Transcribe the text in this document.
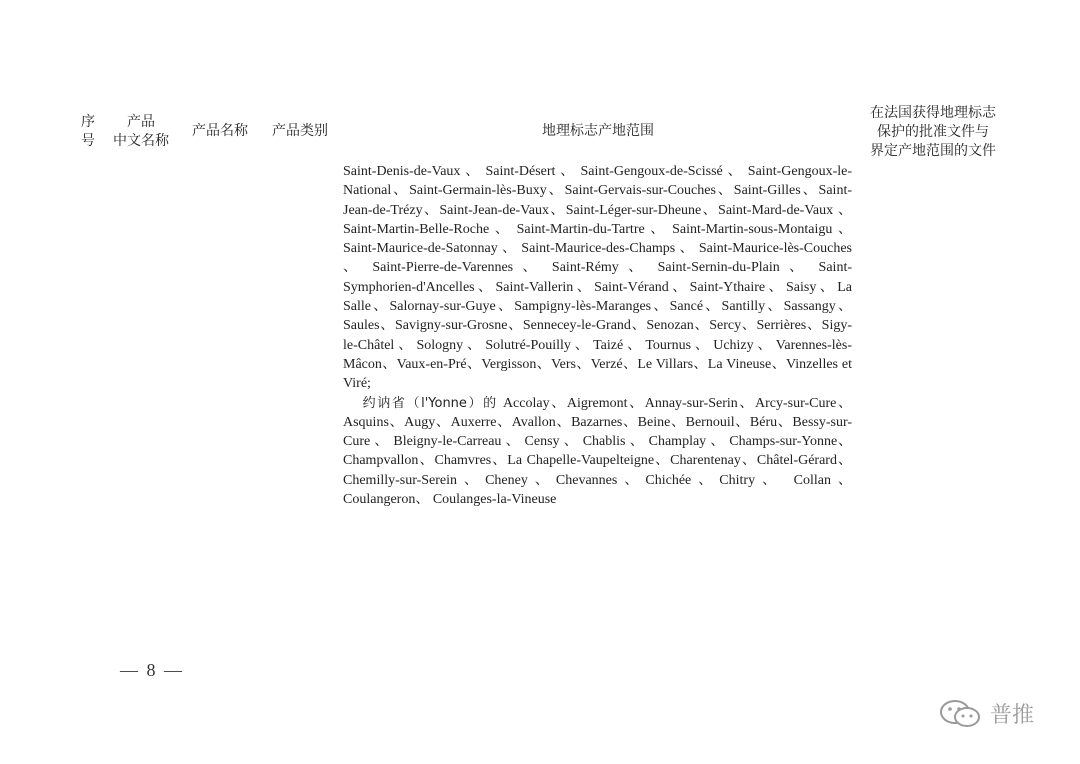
序
号
产品
中文名称
产品名称	产品类别	地理标志产地范围
在法国获得地理标志
保护的批准文件与
界定产地范围的文件
Saint-Denis-de-Vaux 、 Saint-Désert 、 Saint-Gengoux-de-Scissé 、 Saint-Gengoux-le-National、Saint-Germain-lès-Buxy、Saint-Gervais-sur-Couches、Saint-Gilles、Saint-Jean-de-Trézy、Saint-Jean-de-Vaux、Saint-Léger-sur-Dheune、Saint-Mard-de-Vaux 、 Saint-Martin-Belle-Roche 、 Saint-Martin-du-Tartre 、 Saint-Martin-sous-Montaigu 、 Saint-Maurice-de-Satonnay 、 Saint-Maurice-des-Champs 、 Saint-Maurice-lès-Couches 、 Saint-Pierre-de-Varennes 、 Saint-Rémy 、 Saint-Sernin-du-Plain 、 Saint-Symphorien-d'Ancelles、Saint-Vallerin、Saint-Vérand、Saint-Ythaire、Saisy、La Salle、Salornay-sur-Guye、Sampigny-lès-Maranges、Sancé、Santilly、Sassangy、Saules、Savigny-sur-Grosne、Sennecey-le-Grand、Senozan、Sercy、Serrières、Sigy-le-Châtel 、 Sologny 、 Solutré-Pouilly 、 Taizé 、 Tournus 、 Uchizy 、 Varennes-lès-Mâcon、Vaux-en-Pré、Vergisson、Vers、Verzé、Le Villars、La Vineuse、Vinzelles et Viré;
约讷省（l'Yonne）的 Accolay、Aigremont、Annay-sur-Serin、Arcy-sur-Cure、Asquins、Augy、Auxerre、Avallon、Bazarnes、Beine、Bernouil、Béru、Bessy-sur-Cure 、 Bleigny-le-Carreau 、 Censy 、 Chablis 、 Champlay 、 Champs-sur-Yonne、Champvallon、Chamvres、La Chapelle-Vaupelteigne、Charentenay、Châtel-Gérard、Chemilly-sur-Serein、Cheney、Chevannes、Chichée、Chitry、 Collan、 Coulangeron、 Coulanges-la-Vineuse
— 8 —
普推
